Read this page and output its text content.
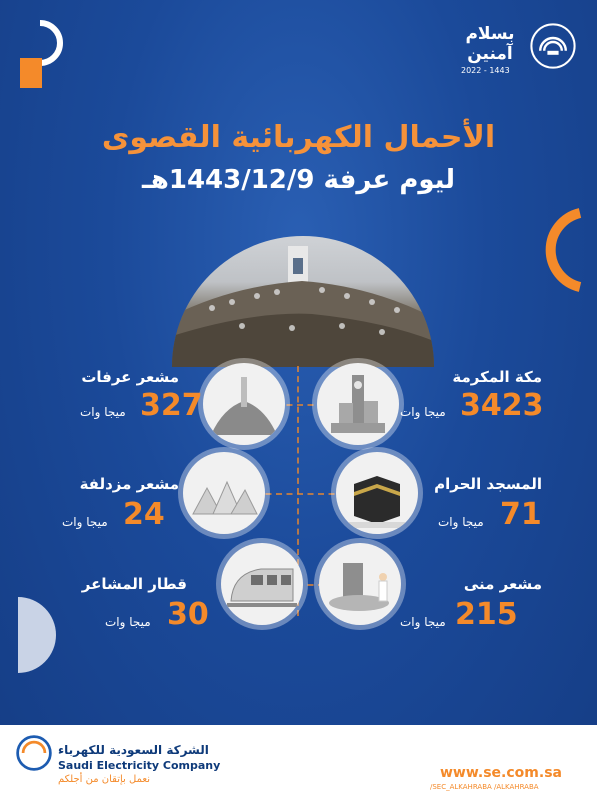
بسلام آمنين
2022 - 1443
الأحمال الكهربائية القصوى
ليوم عرفة 1443/12/9هـ
مكة المكرمة
3423
ميجا وات
مشعر عرفات
327
ميجا وات
المسجد الحرام
71
ميجا وات
مشعر مزدلفة
24
ميجا وات
مشعر منى
215
ميجا وات
قطار المشاعر
30
ميجا وات
الشركة السعودية للكهرباء
Saudi Electricity Company
نعمل بإتقان من أجلكم	www.se.com.sa
/SEC_ALKAHRABA /ALKAHRABA
